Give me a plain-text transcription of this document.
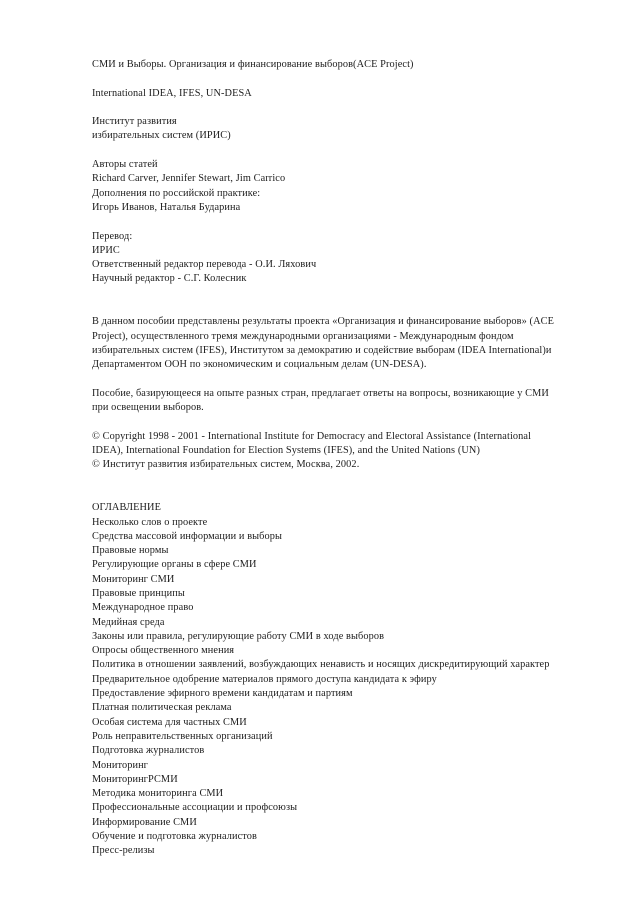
СМИ и Выборы. Организация и финансирование выборов(ACE Project)
International IDEA, IFES, UN-DESA
Институт развития
избирательных систем (ИРИС)
Авторы статей
Richard Carver, Jennifer Stewart, Jim Carrico
Дополнения по российской практике:
Игорь Иванов, Наталья Бударина
Перевод:
ИРИС
Ответственный редактор перевода - О.И. Ляхович
Научный редактор - С.Г. Колесник
В данном пособии представлены результаты проекта «Организация и финансирование выборов» (ACE Project), осуществленного тремя международными организациями - Международным фондом избирательных систем (IFES), Институтом за демократию и содействие выборам (IDEA International)и Департаментом ООН по экономическим и социальным делам (UN-DESA).
Пособие, базирующееся на опыте разных стран, предлагает ответы на вопросы, возникающие у СМИ при освещении выборов.
© Copyright 1998 - 2001 - International Institute for Democracy and Electoral Assistance (International IDEA), International Foundation for Election Systems (IFES), and the United Nations (UN)
© Институт развития избирательных систем, Москва, 2002.
ОГЛАВЛЕНИЕ
Несколько слов о проекте
Средства массовой информации и выборы
Правовые нормы
Регулирующие органы в сфере СМИ
Мониторинг СМИ
Правовые принципы
Международное право
Медийная среда
Законы или правила, регулирующие работу СМИ в ходе выборов
Опросы общественного мнения
Политика в отношении заявлений, возбуждающих ненависть и носящих дискредитирующий характер
Предварительное одобрение материалов прямого доступа кандидата к эфиру
Предоставление эфирного времени кандидатам и партиям
Платная политическая реклама
Особая система для частных СМИ
Роль неправительственных организаций
Подготовка журналистов
Мониторинг
МониторингРСМИ
Методика мониторинга СМИ
Профессиональные ассоциации и профсоюзы
Информирование СМИ
Обучение и подготовка журналистов
Пресс-релизы
